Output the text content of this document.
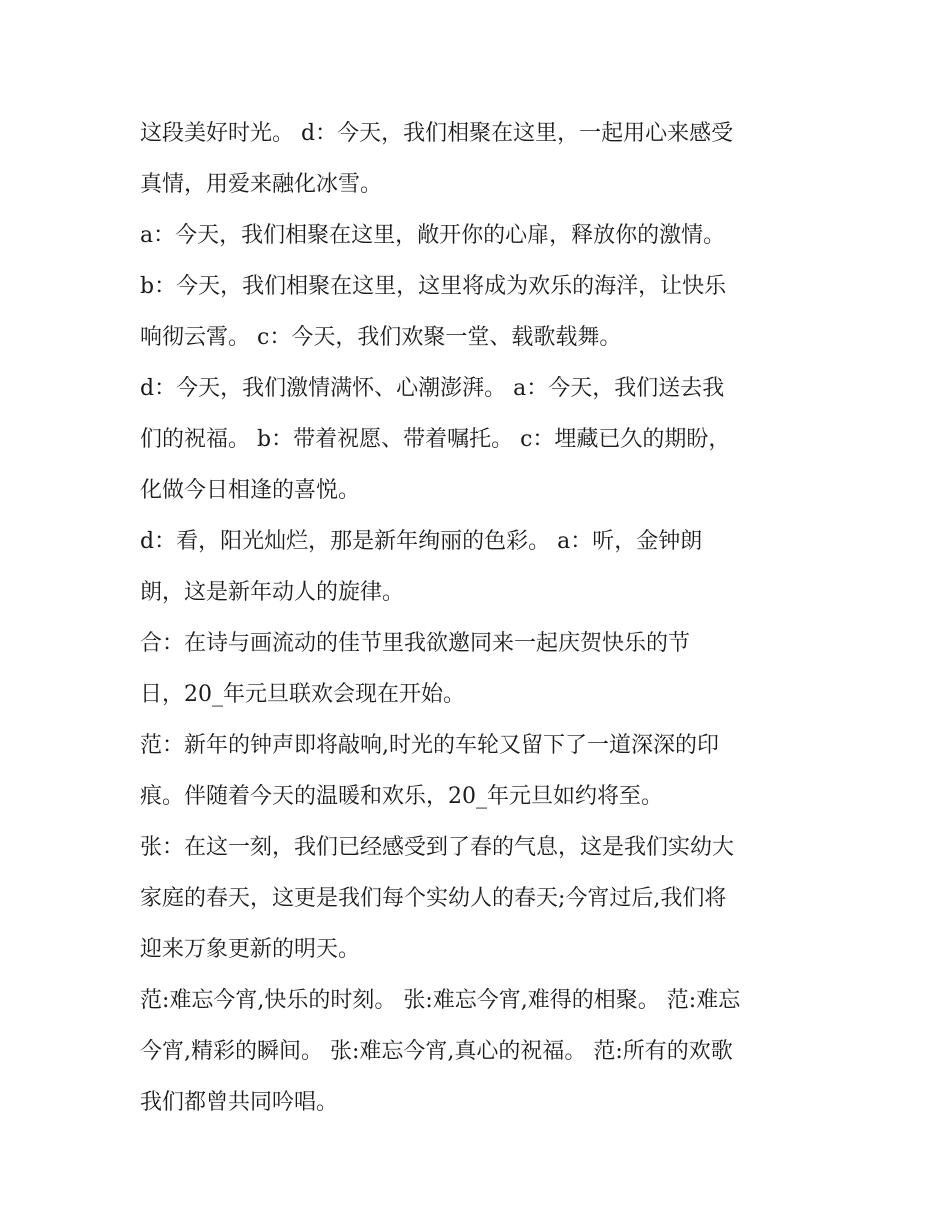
这段美好时光。 d：今天，我们相聚在这里，一起用心来感受
真情，用爱来融化冰雪。
a：今天，我们相聚在这里，敞开你的心扉，释放你的激情。
b：今天，我们相聚在这里，这里将成为欢乐的海洋，让快乐
响彻云霄。 c：今天，我们欢聚一堂、载歌载舞。
d：今天，我们激情满怀、心潮澎湃。 a：今天，我们送去我
们的祝福。 b：带着祝愿、带着嘱托。 c：埋藏已久的期盼，
化做今日相逢的喜悦。
d：看，阳光灿烂，那是新年绚丽的色彩。 a：听，金钟朗
朗，这是新年动人的旋律。
合：在诗与画流动的佳节里我欲邀同来一起庆贺快乐的节
日，20_年元旦联欢会现在开始。
范：新年的钟声即将敲响,时光的车轮又留下了一道深深的印
痕。伴随着今天的温暖和欢乐，20_年元旦如约将至。
张：在这一刻，我们已经感受到了春的气息，这是我们实幼大
家庭的春天，这更是我们每个实幼人的春天;今宵过后,我们将
迎来万象更新的明天。
范:难忘今宵,快乐的时刻。 张:难忘今宵,难得的相聚。 范:难忘
今宵,精彩的瞬间。 张:难忘今宵,真心的祝福。 范:所有的欢歌
我们都曾共同吟唱。
